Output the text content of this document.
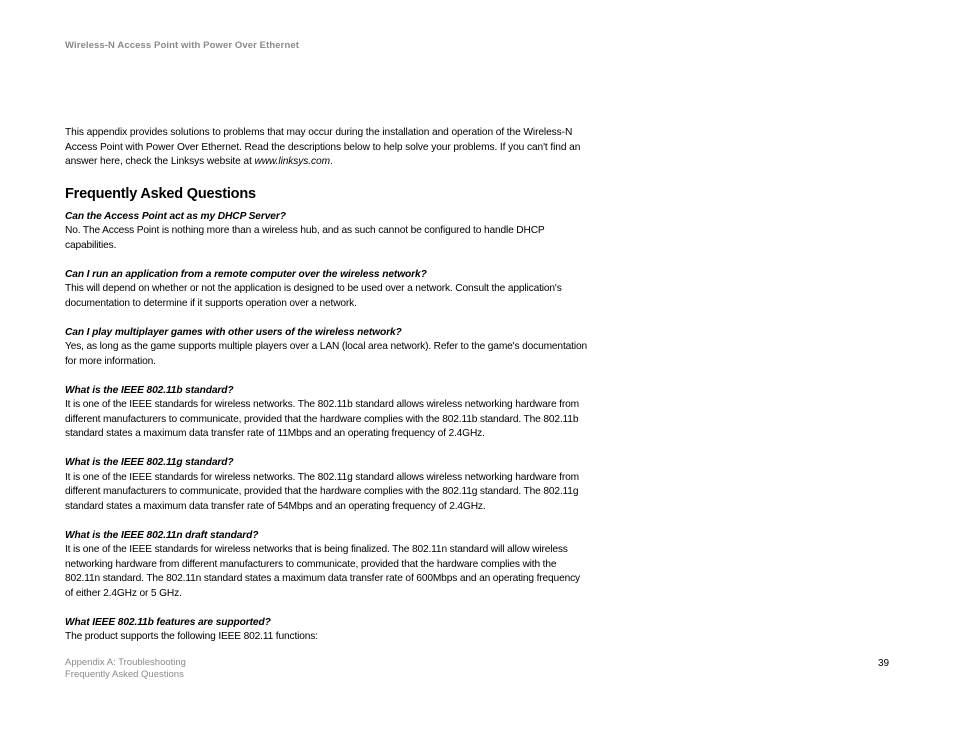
Wireless-N Access Point with Power Over Ethernet

This appendix provides solutions to problems that may occur during the installation and operation of the Wireless-N Access Point with Power Over Ethernet. Read the descriptions below to help solve your problems. If you can't find an answer here, check the Linksys website at www.linksys.com.

Frequently Asked Questions

Can the Access Point act as my DHCP Server?

No. The Access Point is nothing more than a wireless hub, and as such cannot be configured to handle DHCP capabilities.

Can I run an application from a remote computer over the wireless network?

This will depend on whether or not the application is designed to be used over a network. Consult the application's documentation to determine if it supports operation over a network.

Can I play multiplayer games with other users of the wireless network?

Yes, as long as the game supports multiple players over a LAN (local area network). Refer to the game's documentation for more information.

What is the IEEE 802.11b standard?

It is one of the IEEE standards for wireless networks. The 802.11b standard allows wireless networking hardware from different manufacturers to communicate, provided that the hardware complies with the 802.11b standard. The 802.11b standard states a maximum data transfer rate of 11Mbps and an operating frequency of 2.4GHz.

What is the IEEE 802.11g standard?

It is one of the IEEE standards for wireless networks. The 802.11g standard allows wireless networking hardware from different manufacturers to communicate, provided that the hardware complies with the 802.11g standard. The 802.11g standard states a maximum data transfer rate of 54Mbps and an operating frequency of 2.4GHz.

What is the IEEE 802.11n draft standard?

It is one of the IEEE standards for wireless networks that is being finalized. The 802.11n standard will allow wireless networking hardware from different manufacturers to communicate, provided that the hardware complies with the 802.11n standard. The 802.11n standard states a maximum data transfer rate of 600Mbps and an operating frequency of either 2.4GHz or 5 GHz.

What IEEE 802.11b features are supported?

The product supports the following IEEE 802.11 functions:

Appendix A: Troubleshooting
Frequently Asked Questions
39
